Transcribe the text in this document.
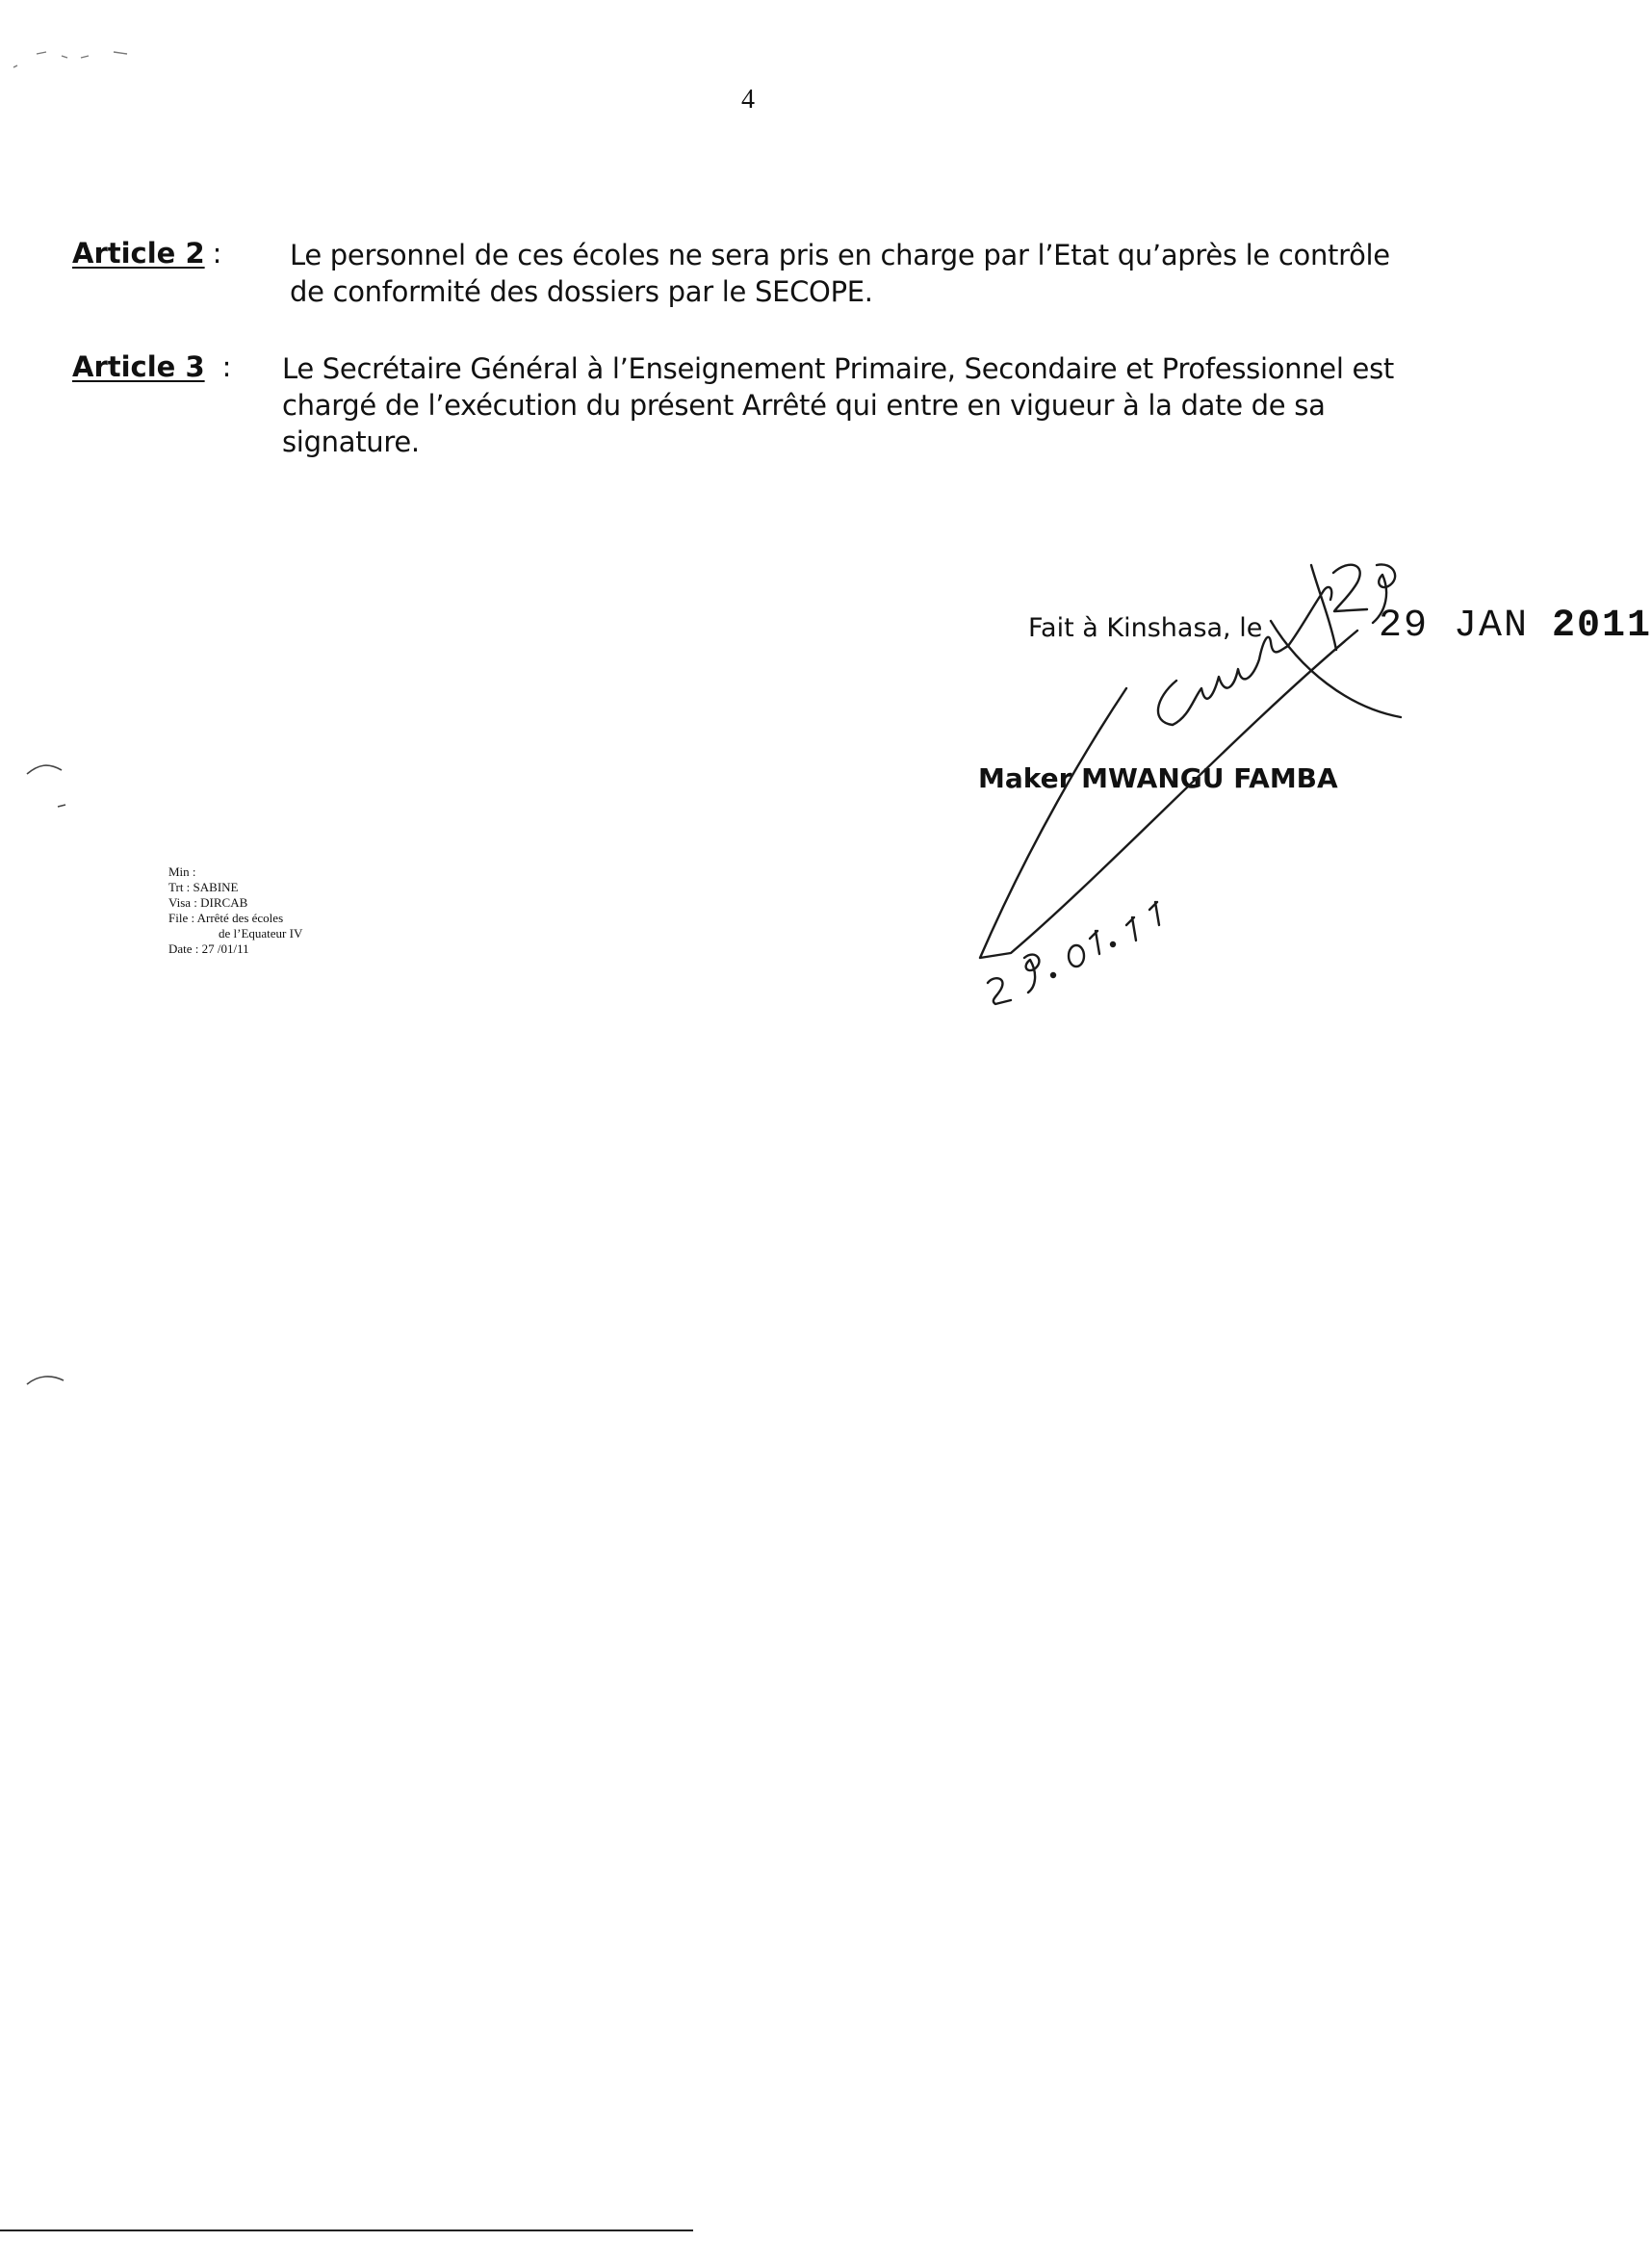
4
Article 2 : Le personnel de ces écoles ne sera pris en charge par l’Etat qu’après le contrôle
de conformité des dossiers par le SECOPE.
Article 3 : Le Secrétaire Général à l’Enseignement Primaire, Secondaire et Professionnel est
chargé de l’exécution du présent Arrêté qui entre en vigueur à la date de sa
signature.
Fait à Kinshasa, le	29 JAN 2011
Maker MWANGU FAMBA
Min :
Trt : SABINE
Visa : DIRCAB
File : Arrêté des écoles
de l’Equateur IV
Date : 27 /01/11
